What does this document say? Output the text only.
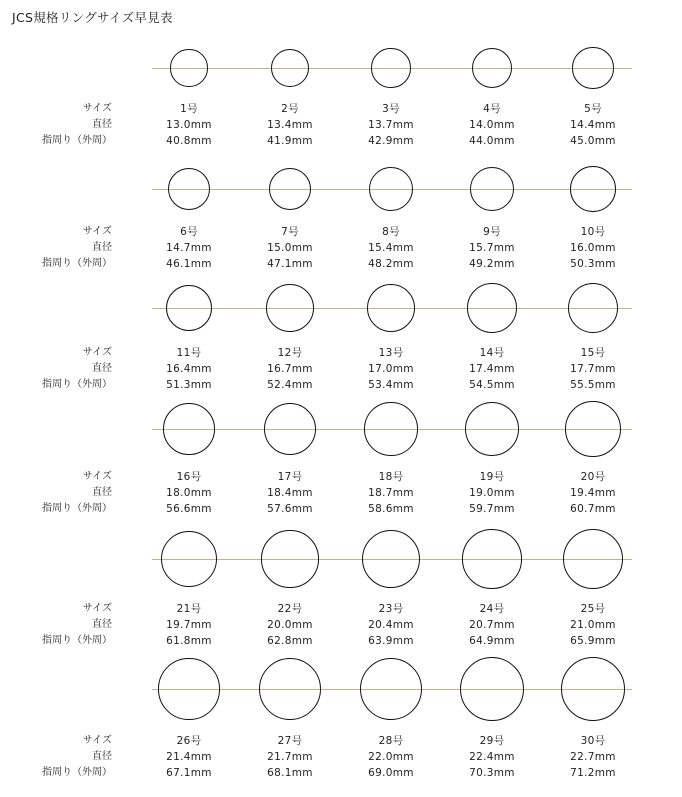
JCS規格リングサイズ早見表
サイズ
直径
指周り（外周）
1号
13.0mm
40.8mm
2号
13.4mm
41.9mm
3号
13.7mm
42.9mm
4号
14.0mm
44.0mm
5号
14.4mm
45.0mm
サイズ
直径
指周り（外周）
6号
14.7mm
46.1mm
7号
15.0mm
47.1mm
8号
15.4mm
48.2mm
9号
15.7mm
49.2mm
10号
16.0mm
50.3mm
サイズ
直径
指周り（外周）
11号
16.4mm
51.3mm
12号
16.7mm
52.4mm
13号
17.0mm
53.4mm
14号
17.4mm
54.5mm
15号
17.7mm
55.5mm
サイズ
直径
指周り（外周）
16号
18.0mm
56.6mm
17号
18.4mm
57.6mm
18号
18.7mm
58.6mm
19号
19.0mm
59.7mm
20号
19.4mm
60.7mm
サイズ
直径
指周り（外周）
21号
19.7mm
61.8mm
22号
20.0mm
62.8mm
23号
20.4mm
63.9mm
24号
20.7mm
64.9mm
25号
21.0mm
65.9mm
サイズ
直径
指周り（外周）
26号
21.4mm
67.1mm
27号
21.7mm
68.1mm
28号
22.0mm
69.0mm
29号
22.4mm
70.3mm
30号
22.7mm
71.2mm
